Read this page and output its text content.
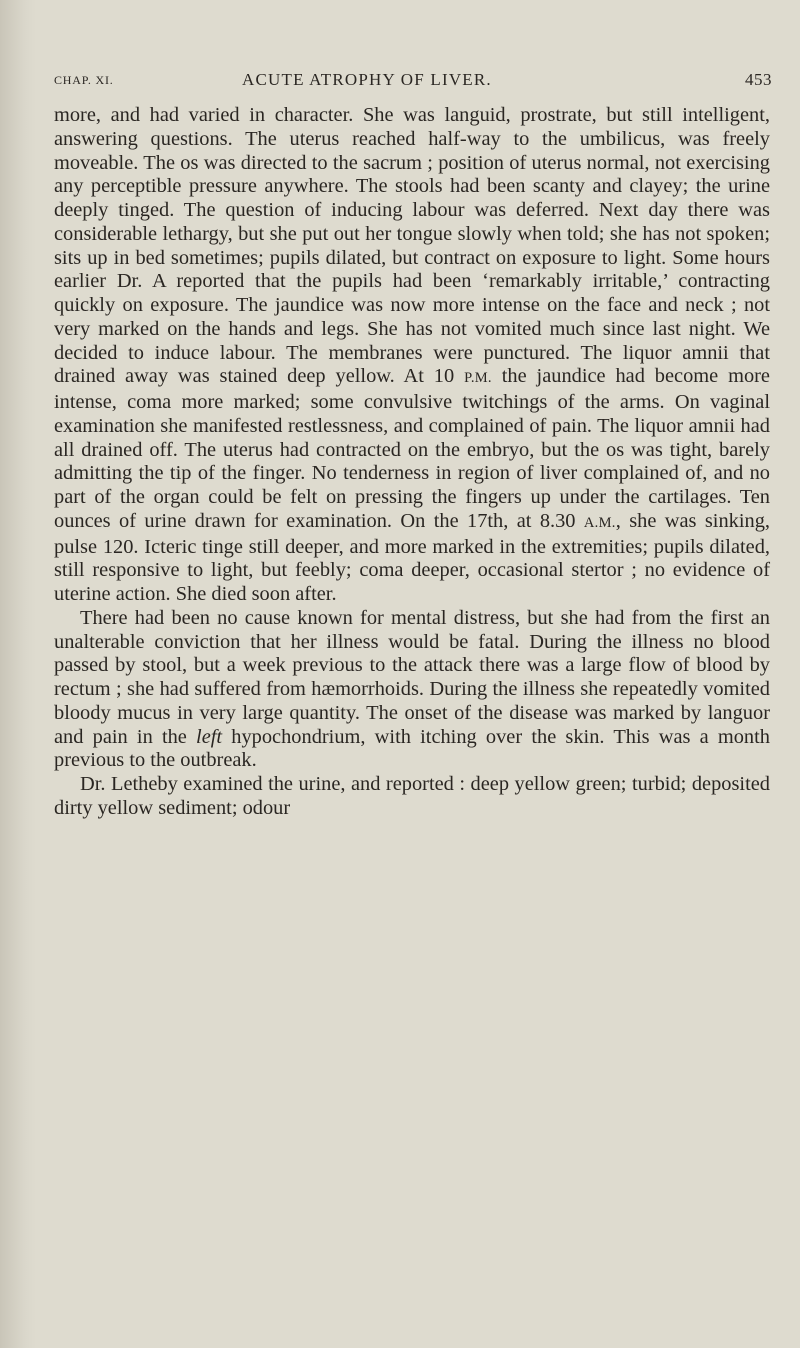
CHAP. XI.	ACUTE ATROPHY OF LIVER.	453

more, and had varied in character. She was languid, prostrate, but still intelligent, answering questions. The uterus reached half-way to the umbilicus, was freely moveable. The os was directed to the sacrum ; position of uterus normal, not exercising any perceptible pressure anywhere. The stools had been scanty and clayey; the urine deeply tinged. The question of inducing labour was deferred. Next day there was considerable lethargy, but she put out her tongue slowly when told; she has not spoken; sits up in bed sometimes; pupils dilated, but contract on exposure to light. Some hours earlier Dr. A reported that the pupils had been ‘remarkably irritable,’ contracting quickly on exposure. The jaundice was now more intense on the face and neck ; not very marked on the hands and legs. She has not vomited much since last night. We decided to induce labour. The membranes were punctured. The liquor amnii that drained away was stained deep yellow. At 10 P.M. the jaundice had become more intense, coma more marked; some convulsive twitchings of the arms. On vaginal examination she manifested restlessness, and complained of pain. The liquor amnii had all drained off. The uterus had contracted on the embryo, but the os was tight, barely admitting the tip of the finger. No tenderness in region of liver complained of, and no part of the organ could be felt on pressing the fingers up under the cartilages. Ten ounces of urine drawn for examination. On the 17th, at 8.30 A.M., she was sinking, pulse 120. Icteric tinge still deeper, and more marked in the extremities; pupils dilated, still responsive to light, but feebly; coma deeper, occasional stertor ; no evidence of uterine action. She died soon after.

There had been no cause known for mental distress, but she had from the first an unalterable conviction that her illness would be fatal. During the illness no blood passed by stool, but a week previous to the attack there was a large flow of blood by rectum ; she had suffered from hæmorrhoids. During the illness she repeatedly vomited bloody mucus in very large quantity. The onset of the disease was marked by languor and pain in the left hypochondrium, with itching over the skin. This was a month previous to the outbreak.

Dr. Letheby examined the urine, and reported : deep yellow green; turbid; deposited dirty yellow sediment; odour
